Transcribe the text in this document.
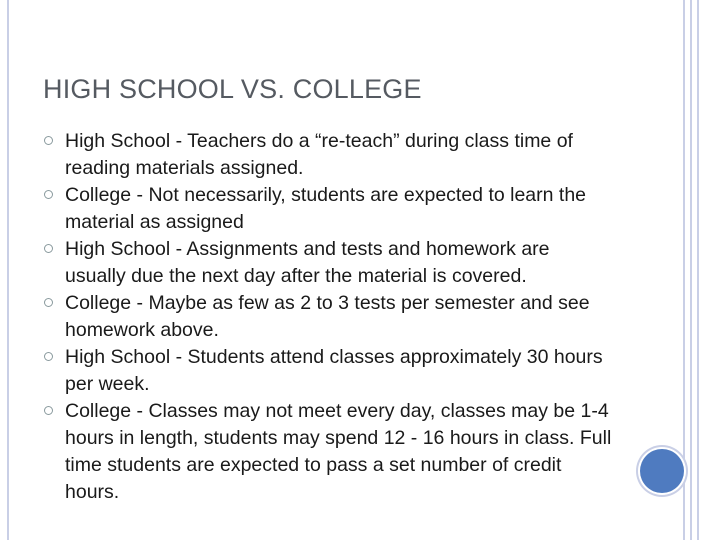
HIGH SCHOOL VS. COLLEGE
High School - Teachers do a “re-teach” during class time of reading materials assigned.
College - Not necessarily, students are expected to learn the material as assigned
High School - Assignments and tests and homework are usually due the next day after the material is covered.
College - Maybe as few as 2 to 3 tests per semester and see homework above.
High School - Students attend classes approximately 30 hours per week.
College - Classes may not meet every day, classes may be 1-4 hours in length, students may spend 12 - 16 hours in class. Full time students are expected to pass a set number of credit hours.
